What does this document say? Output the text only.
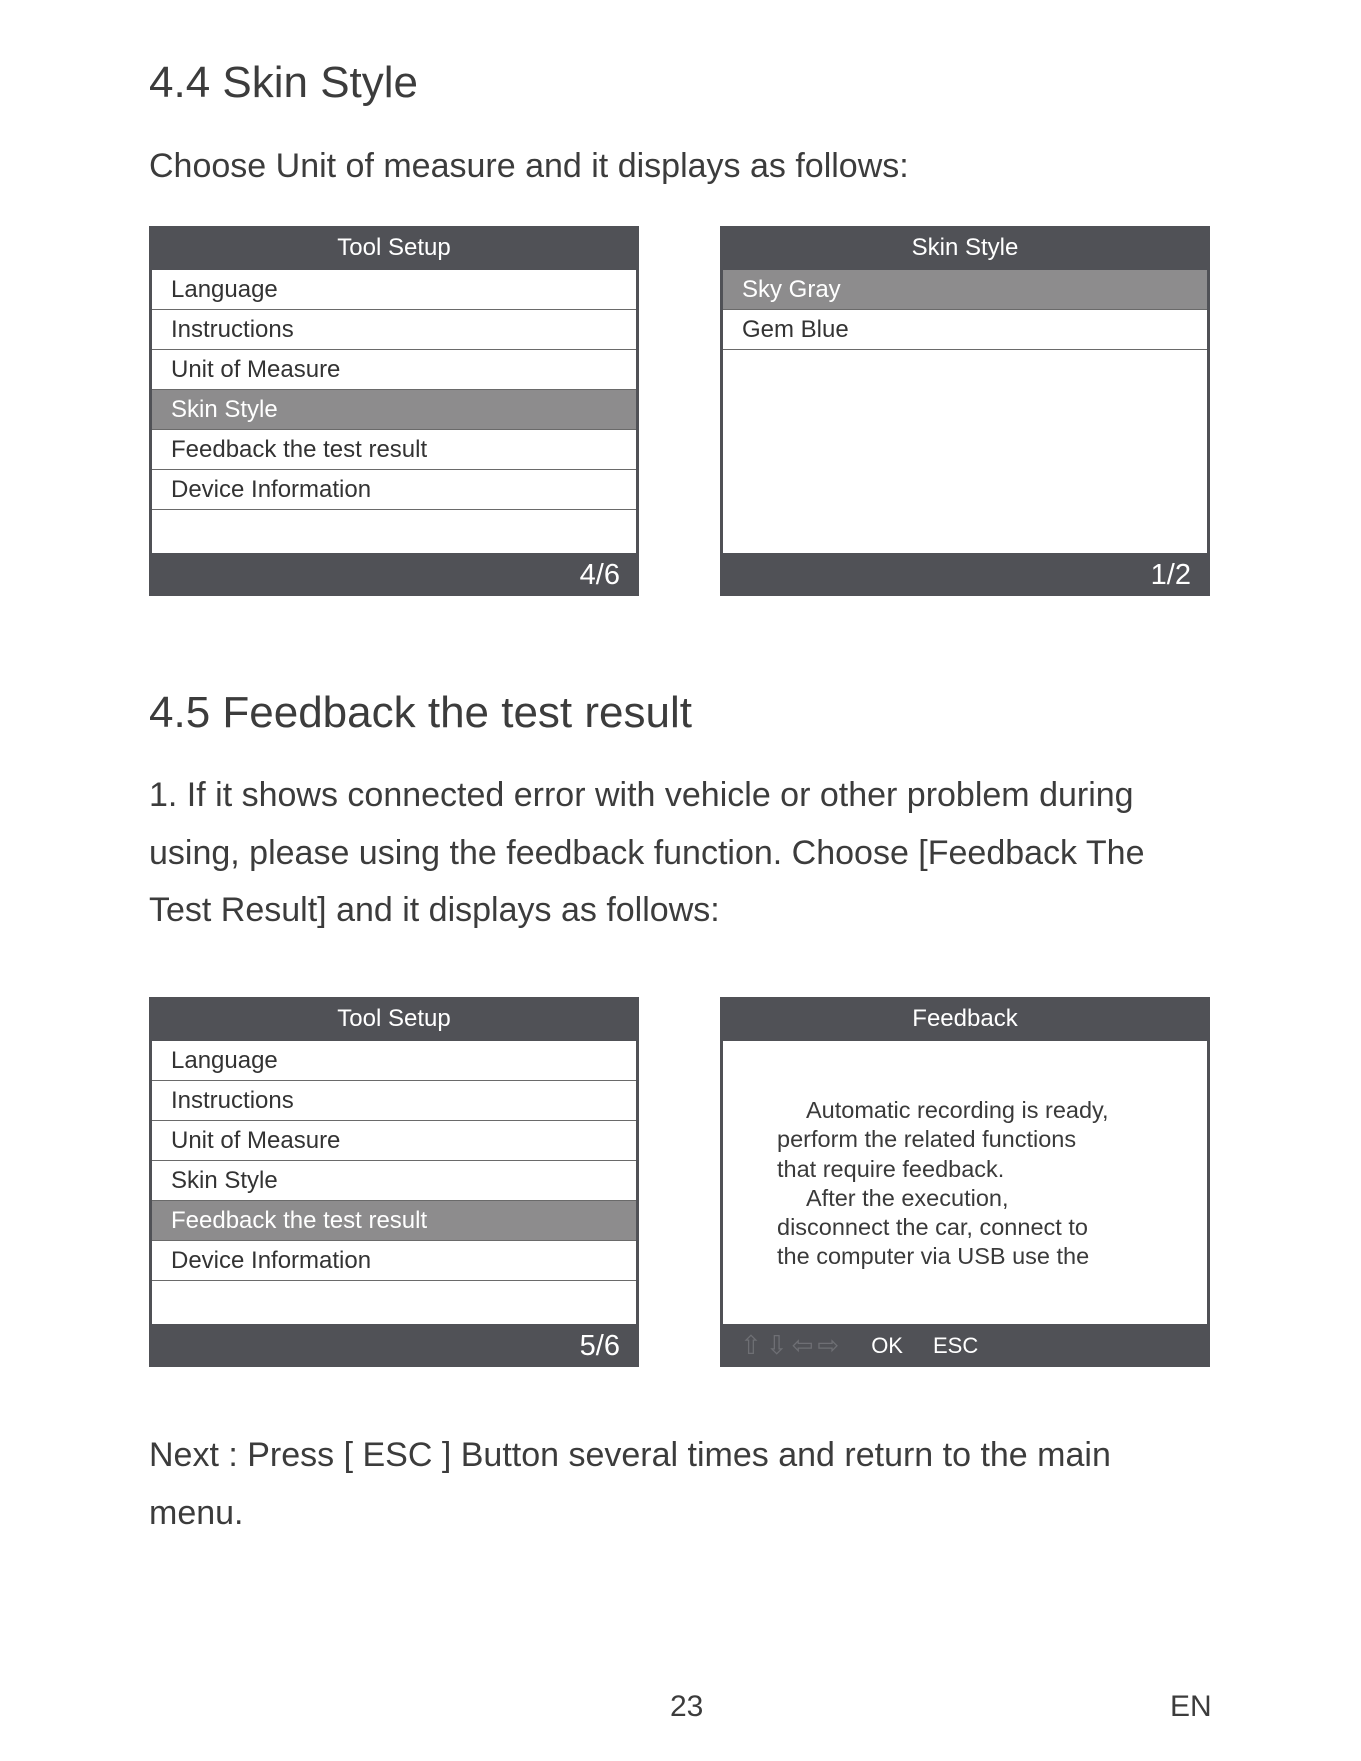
4.4 Skin Style
Choose Unit of measure and it displays as follows:
Tool Setup
Language
Instructions
Unit of Measure
Skin Style
Feedback the test result
Device Information
4/6
Skin Style
Sky Gray
Gem Blue
1/2
4.5 Feedback the test result
1. If it shows connected error with vehicle or other problem during
using, please using the feedback function. Choose [Feedback The
Test Result] and it displays as follows:
Tool Setup
Language
Instructions
Unit of Measure
Skin Style
Feedback the test result
Device Information
5/6
Feedback
Automatic recording is ready,
perform the related functions
that require feedback.
After the execution,
disconnect the car, connect to
the computer via USB use the
⇧ ⇩ ⇦ ⇨ OK ESC
Next : Press [ ESC ] Button several times and return to the main
menu.
23	EN
